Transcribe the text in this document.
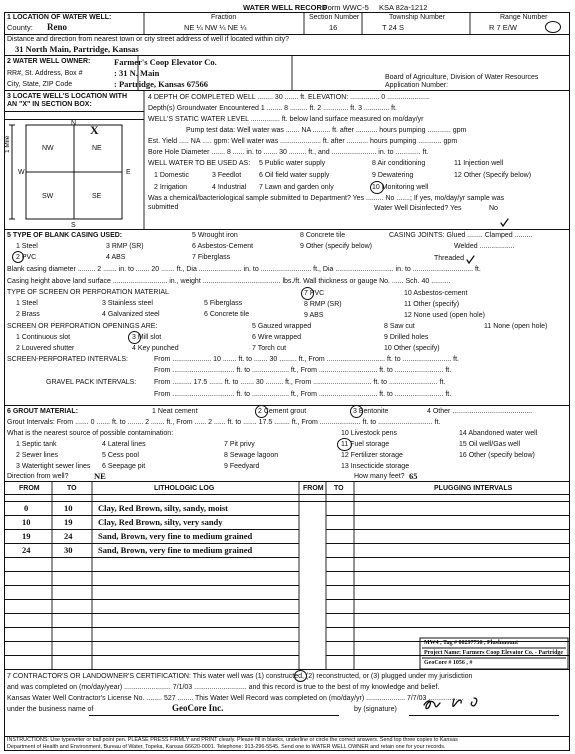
WATER WELL RECORD
Form WWC-5 KSA 82a-1212
1 LOCATION OF WATER WELL:
County: Reno
Fraction
NE ¼ NW ¼ NE ¼
Section Number
16
Township Number
T 24 S
Range Number
R 7 E/W
Distance and direction from nearest town or city street address of well if located within city?
31 North Main, Partridge, Kansas
2 WATER WELL OWNER:	Farmer's Coop Elevator Co.
RR#, St. Address, Box #	: 31 N. Main
City, State, ZIP Code	: Partridge, Kansas 67566
Board of Agriculture, Division of Water Resources
Application Number:
3 LOCATE WELL'S LOCATION WITH AN "X" IN SECTION BOX:
N
S
E
W
1 Mile	NW	NE
SW	SE
X
4 DEPTH OF COMPLETED WELL ........ 30 ....... ft. ELEVATION: ............... 0 ......................
Depth(s) Groundwater Encountered 1 ........ 8 ......... ft. 2 ............. ft. 3 ............. ft.
WELL'S STATIC WATER LEVEL ............... ft. below land surface measured on mo/day/yr
Pump test data: Well water was ....... NA ......... ft. after ........... hours pumping ............ gpm
Est. Yield ..... NA ..... gpm: Well water was ..................... ft. after ........... hours pumping ............ gpm
Bore Hole Diameter ....... 8 ...... in. to ....... 30 ......... ft., and ....................... in. to ............. ft.
WELL WATER TO BE USED AS: 5 Public water supply	8 Air conditioning	11 Injection well
1 Domestic	3 Feedlot	6 Oil field water supply	9 Dewatering	12 Other (Specify below)
2 Irrigation	4 Industrial 7 Lawn and garden only	10 Monitoring well
Was a chemical/bacteriological sample submitted to Department? Yes ......... No .......; If yes, mo/day/yr sample was
submitted	Water Well Disinfected? Yes	No
5 TYPE OF BLANK CASING USED:
1 Steel	3 RMP (SR)
2 PVC	4 ABS
5 Wrought iron
6 Asbestos-Cement
7 Fiberglass
8 Concrete tile
9 Other (specify below)
CASING JOINTS: Glued ........ Clamped .........
Welded ..................
Threaded
Blank casing diameter ......... 2 ....... in. to ....... 20 ....... ft., Dia ...................... in. to .......................... ft., Dia .............................. in. to ............................... ft.
Casing height above land surface ............................ in., weight ........................................ lbs./ft. Wall thickness or gauge No. ...... Sch. 40 ..........
TYPE OF SCREEN OR PERFORATION MATERIAL
1 Steel	3 Stainless steel	5 Fiberglass
7 PVC	10 Asbestos-cement
2 Brass	4 Galvanized steel	6 Concrete tile
8 RMP (SR)	11 Other (specify)
9 ABS	12 None used (open hole)
SCREEN OR PERFORATION OPENINGS ARE:	5 Gauzed wrapped	8 Saw cut	11 None (open hole)
1 Continuous slot	3 Mill slot	6 Wire wrapped	9 Drilled holes
2 Louvered shutter	4 Key punched	7 Torch cut	10 Other (specify)
SCREEN-PERFORATED INTERVALS:	From .................... 10 ....... ft. to ....... 30 ......... ft., From .............................. ft. to ......................... ft.
From ................................ ft. to ................... ft., From .............................. ft. to ......................... ft.
GRAVEL PACK INTERVALS:	From .......... 17.5 ....... ft. to ....... 30 ......... ft., From .............................. ft. to ......................... ft.
From ................................ ft. to ................... ft., From .............................. ft. to ......................... ft.
6 GROUT MATERIAL:	1 Neat cement	2 Cement grout	3 Bentonite	4 Other .........................................
Grout Intervals: From ....... 0 ....... ft. to ........ 2 ....... ft., From ...... 2 ...... ft. to ....... 17.5 ........ ft., From ..................... ft. to ............................ ft.
What is the nearest source of possible contamination:	10 Livestock pens	14 Abandoned water well
1 Septic tank	4 Lateral lines	7 Pit privy	11 Fuel storage	15 Oil well/Gas well
2 Sewer lines	5 Cess pool	8 Sewage lagoon	12 Fertilizer storage	16 Other (specify below)
3 Watertight sewer lines 6 Seepage pit	9 Feedyard	13 Insecticide storage
Direction from well?	NE	How many feet? 65
FROM	TO	LITHOLOGIC LOG	FROM TO	PLUGGING INTERVALS
0	10	Clay, Red Brown, silty, sandy, moist
10	19	Clay, Red Brown, silty, very sandy
19	24	Sand, Brown, very fine to medium grained
24	30	Sand, Brown, very fine to medium grained
MW4 , Tag # 00297736 , Flushmount
Project Name: Farmers Coop Elevator Co. - Partridge
GeoCore # 1056 , #
7 CONTRACTOR'S OR LANDOWNER'S CERTIFICATION: This water well was (1) constructed, (2) reconstructed, or (3) plugged under my jurisdiction
and was completed on (mo/day/year) ........................ 7/1/03 ........................... and this record is true to the best of my knowledge and belief.
Kansas Water Well Contractor's License No. ........ 527 ........ This Water Well Record was completed on (mo/day/yr) .................... 7/7/03 ..................
under the business name of	GeoCore Inc.	by (signature)
INSTRUCTIONS: Use typewriter or ball point pen. PLEASE PRESS FIRMLY and PRINT clearly. Please fill in blanks, underline or circle the correct answers. Send top three copies to Kansas
Department of Health and Environment, Bureau of Water, Topeka, Kansas 66620-0001. Telephone: 913-296-5545. Send one to WATER WELL OWNER and retain one for your records.
